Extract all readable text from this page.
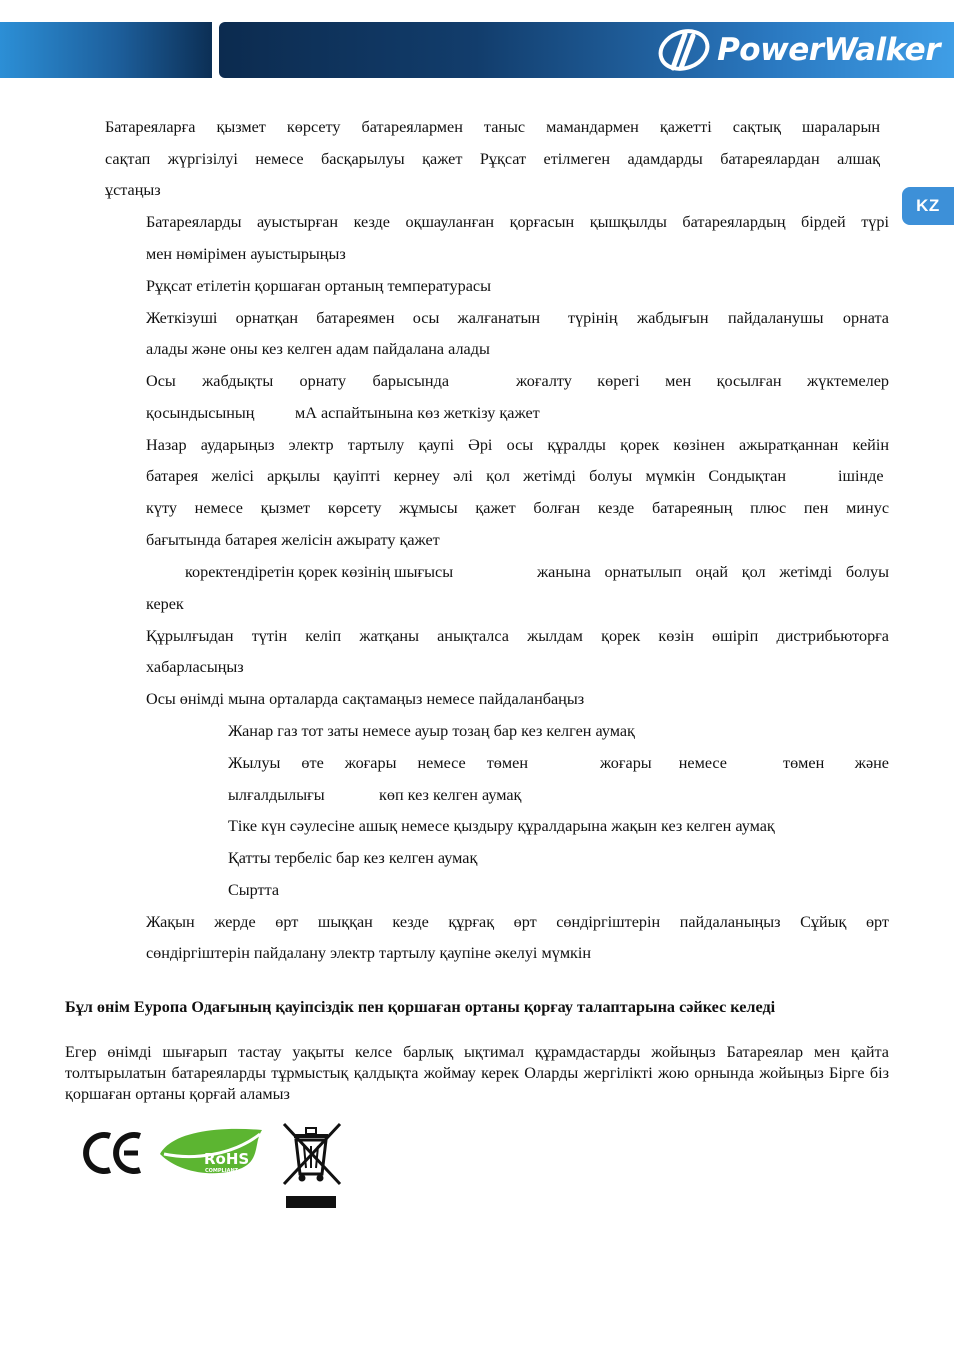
PowerWalker
KZ
Батареяларға қызмет көрсету батареялармен таныс мамандармен қажетті сақтық шараларын
сақтап жүргізілуі немесе басқарылуы қажет Рұқсат етілмеген адамдарды батареялардан алшақ
ұстаңыз
Батареяларды ауыстырған кезде оқшауланған қорғасын қышқылды батареялардың бірдей түрі
мен нөмірімен ауыстырыңыз
Рұқсат етілетін қоршаған ортаның температурасы
Жеткізуші орнатқан батареямен осы жалғанатын түрінің жабдығын пайдаланушы орната
алады және оны кез келген адам пайдалана алады
Осы жабдықты орнату барысында	жоғалту көрегі мен қосылған жүктемелер
қосындысының	мА аспайтынына көз жеткізу қажет
Назар аударыңыз электр тартылу қаупі Әрі осы құралды қорек көзінен ажыратқаннан кейін
батарея желісі арқылы қауіпті кернеу әлі қол жетімді болуы мүмкін Сондықтан	ішінде
күту немесе қызмет көрсету жұмысы қажет болған кезде батареяның плюс пен минус
бағытында батарея желісін ажырату қажет
коректендіретін қорек көзінің шығысы	жанына орнатылып оңай қол жетімді болуы
керек
Құрылғыдан түтін келіп жатқаны анықталса жылдам қорек көзін өшіріп дистрибьюторға
хабарласыңыз
Осы өнімді мына орталарда сақтамаңыз немесе пайдаланбаңыз
Жанар газ тот заты немесе ауыр тозаң бар кез келген аумақ
Жылуы өте жоғары немесе төмен	жоғары немесе	төмен және
ылғалдылығы	көп кез келген аумақ
Тіке күн сәулесіне ашық немесе қыздыру құралдарына жақын кез келген аумақ
Қатты тербеліс бар кез келген аумақ
Сыртта
Жақын жерде өрт шыққан кезде құрғақ өрт сөндіргіштерін пайдаланыңыз Сұйық өрт
сөндіргіштерін пайдалану электр тартылу қаупіне әкелуі мүмкін
Бұл өнім Еуропа Одағының қауіпсіздік пен қоршаған ортаны қорғау талаптарына сәйкес келеді
Егер өнімді шығарып тастау уақыты келсе барлық ықтимал құрамдастарды жойыңыз Батареялар мен қайта толтырылатын батареяларды тұрмыстық қалдықта жоймау керек Оларды жергілікті жою орнында жойыңыз Бірге біз қоршаған ортаны қорғай аламыз
RoHS
COMPLIANT
